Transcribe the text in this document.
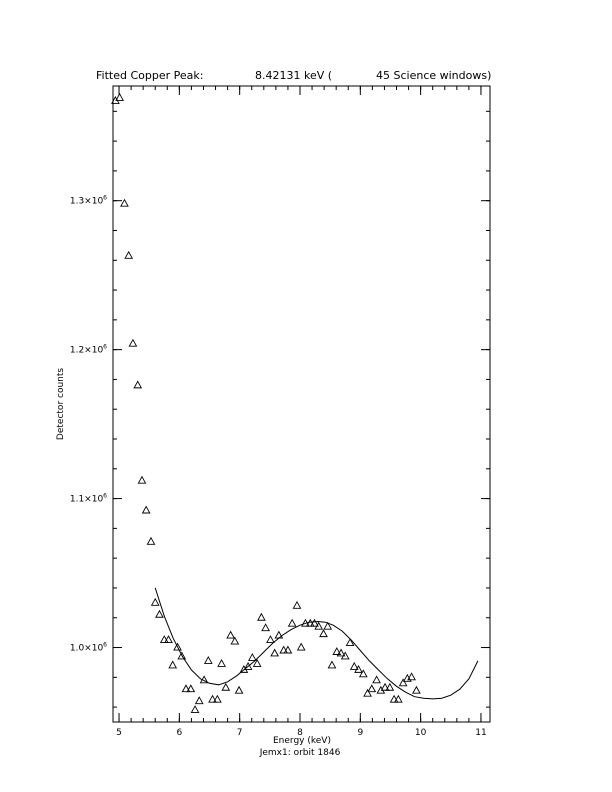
Fitted Copper Peak:	8.42131 keV (	45 Science windows)
5	6	7	8	9	10	11
$1.0\times 10^6$
$1.1\times 10^6$
$1.2\times 10^6$
$1.3\times 10^6$
Detector counts
Energy (keV)
Jemx1: orbit 1846
